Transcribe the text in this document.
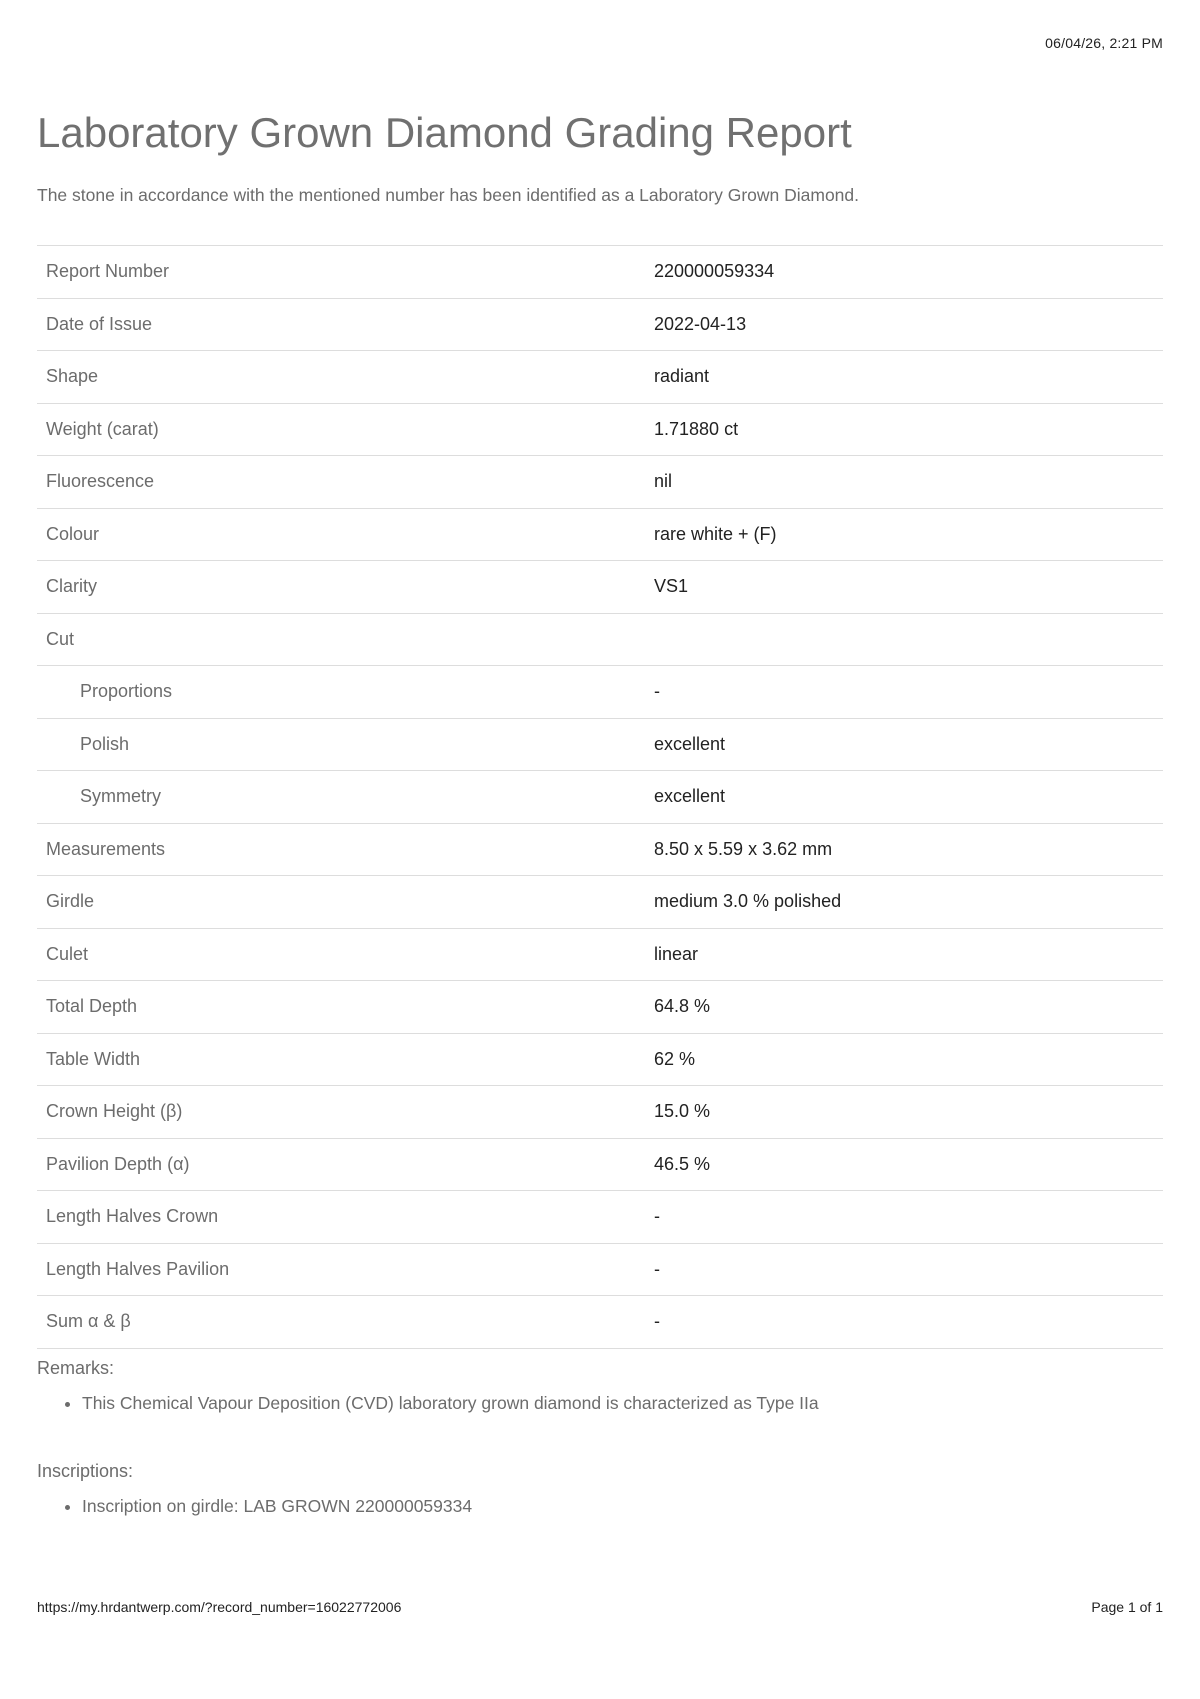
06/04/26, 2:21 PM
Laboratory Grown Diamond Grading Report
The stone in accordance with the mentioned number has been identified as a Laboratory Grown Diamond.
Report Number	220000059334
Date of Issue	2022-04-13
Shape	radiant
Weight (carat)	1.71880 ct
Fluorescence	nil
Colour	rare white + (F)
Clarity	VS1
Cut	
Proportions	-
Polish	excellent
Symmetry	excellent
Measurements	8.50 x 5.59 x 3.62 mm
Girdle	medium 3.0 % polished
Culet	linear
Total Depth	64.8 %
Table Width	62 %
Crown Height (β)	15.0 %
Pavilion Depth (α)	46.5 %
Length Halves Crown	-
Length Halves Pavilion	-
Sum α & β	-
Remarks:
• This Chemical Vapour Deposition (CVD) laboratory grown diamond is characterized as Type IIa
Inscriptions:
• Inscription on girdle: LAB GROWN 220000059334
https://my.hrdantwerp.com/?record_number=16022772006	Page 1 of 1
